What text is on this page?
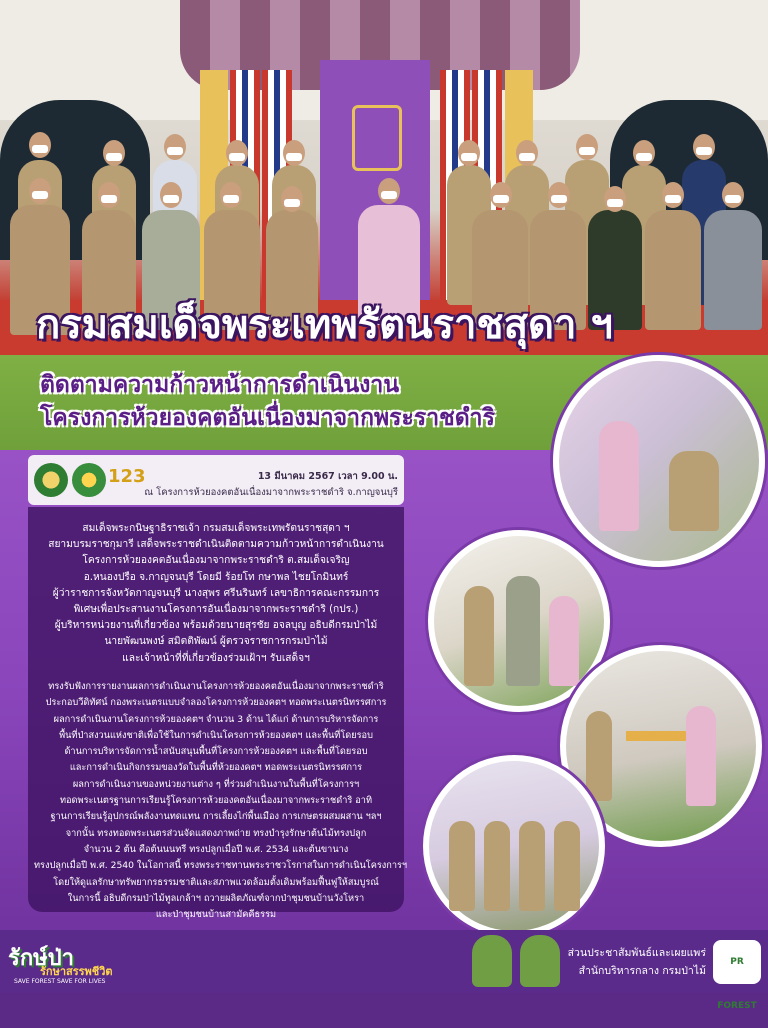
กรมสมเด็จพระเทพรัตนราชสุดา ฯ
ติดตามความก้าวหน้าการดำเนินงาน
โครงการห้วยองคตอันเนื่องมาจากพระราชดำริ
123	13 มีนาคม 2567 เวลา 9.00 น.
ณ โครงการห้วยองคตอันเนื่องมาจากพระราชดำริ จ.กาญจนบุรี
สมเด็จพระกนิษฐาธิราชเจ้า กรมสมเด็จพระเทพรัตนราชสุดา ฯ
สยามบรมราชกุมารี เสด็จพระราชดำเนินติดตามความก้าวหน้าการดำเนินงาน
โครงการห้วยองคตอันเนื่องมาจากพระราชดำริ ต.สมเด็จเจริญ
อ.หนองปรือ จ.กาญจนบุรี โดยมี ร้อยโท กษาพล ไชยโกมินทร์
ผู้ว่าราชการจังหวัดกาญจนบุรี นางสุพร ศรีนรินทร์ เลขาธิการคณะกรรมการ
พิเศษเพื่อประสานงานโครงการอันเนื่องมาจากพระราชดำริ (กปร.)
ผู้บริหารหน่วยงานที่เกี่ยวข้อง พร้อมด้วยนายสุรชัย อจลบุญ อธิบดีกรมป่าไม้
นายพัฒนพงษ์ สมิตติพัฒน์ ผู้ตรวจราชการกรมป่าไม้
และเจ้าหน้าที่ที่เกี่ยวข้องร่วมเฝ้าฯ รับเสด็จฯ
ทรงรับฟังการรายงานผลการดำเนินงานโครงการห้วยองคตอันเนื่องมาจากพระราชดำริ
ประกอบวีดิทัศน์ กองพระเนตรแบบจำลองโครงการห้วยองคตฯ ทอดพระเนตรนิทรรศการ
ผลการดำเนินงานโครงการห้วยองคตฯ จำนวน 3 ด้าน ได้แก่ ด้านการบริหารจัดการ
พื้นที่ป่าสงวนแห่งชาติเพื่อใช้ในการดำเนินโครงการห้วยองคตฯ และพื้นที่โดยรอบ
ด้านการบริหารจัดการน้ำสนับสนุนพื้นที่โครงการห้วยองคตฯ และพื้นที่โดยรอบ
และการดำเนินกิจกรรมของวัดในพื้นที่ห้วยองคตฯ ทอดพระเนตรนิทรรศการ
ผลการดำเนินงานของหน่วยงานต่าง ๆ ที่ร่วมดำเนินงานในพื้นที่โครงการฯ
ทอดพระเนตรฐานการเรียนรู้โครงการห้วยองคตอันเนื่องมาจากพระราชดำริ อาทิ
ฐานการเรียนรู้อุปกรณ์พลังงานทดแทน การเลี้ยงไก่พื้นเมือง การเกษตรผสมผสาน ฯลฯ
จากนั้น ทรงทอดพระเนตรส่วนจัดแสดงภาพถ่าย ทรงบำรุงรักษาต้นไม้ทรงปลูก
จำนวน 2 ต้น คือต้นนนทรี ทรงปลูกเมื่อปี พ.ศ. 2534 และต้นขานาง
ทรงปลูกเมื่อปี พ.ศ. 2540 ในโอกาสนี้ ทรงพระราชทานพระราชวโรกาสในการดำเนินโครงการฯ
โดยให้ดูแลรักษาทรัพยากรธรรมชาติและสภาพแวดล้อมตั้งเดิมพร้อมฟื้นฟูให้สมบูรณ์
ในการนี้ อธิบดีกรมป่าไม้ทูลเกล้าฯ ถวายผลิตภัณฑ์จากป่าชุมชนบ้านวังโหรา
และป่าชุมชนบ้านสามัคคีธรรม
รักษ์ป่า
รักษาสรรพชีวิต
SAVE FOREST SAVE FOR LIVES
ส่วนประชาสัมพันธ์และเผยแพร่
สำนักบริหารกลาง กรมป่าไม้
PR FOREST
